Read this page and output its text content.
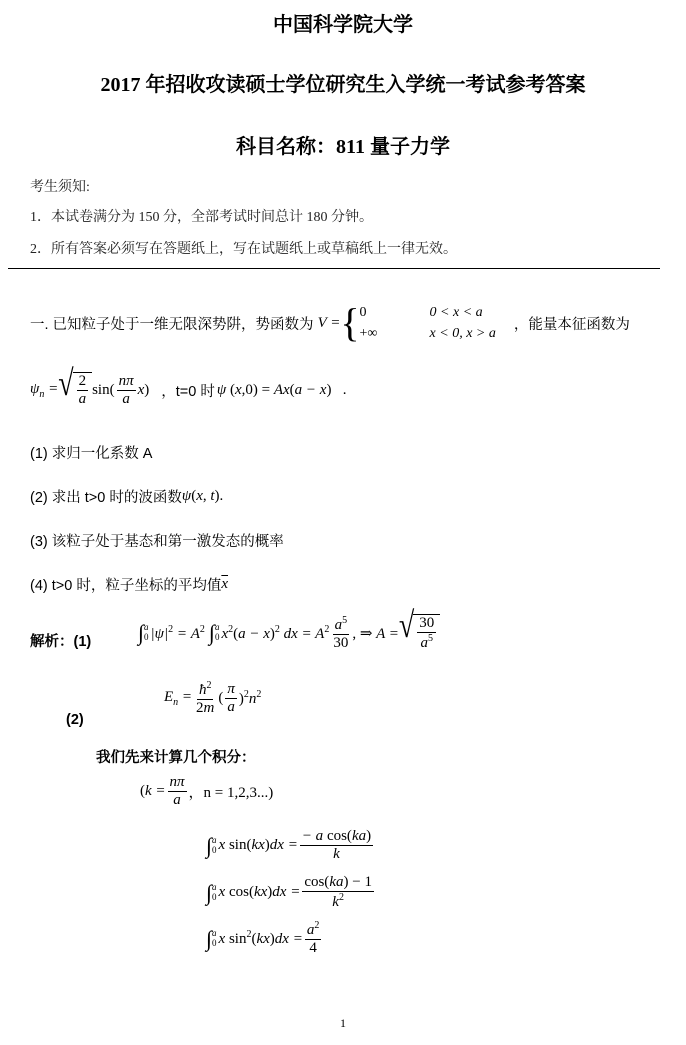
中国科学院大学
2017 年招收攻读硕士学位研究生入学统一考试参考答案
科目名称：811 量子力学
考生须知:
1．本试卷满分为 150 分，全部考试时间总计 180 分钟。
2．所有答案必须写在答题纸上，写在试题纸上或草稿纸上一律无效。
一. 已知粒子处于一维无限深势阱，势函数为 V = { 0	0 < x < a
+∞	x < 0, x > a
，能量本征函数为
$\psi_n$ = √ $\frac{2}{a} \sin( \frac{n\pi}{a} x)$ ，t=0 时 ψ (x,0) = Ax(a − x)   .
(1) 求归一化系数 A
(2) 求出 t>0 时的波函数 ψ(x, t).
(3) 该粒子处于基态和第一激发态的概率
(4) t>0 时，粒子坐标的平均值 $\overline{x}$
解析：(1) ∫ a
0 $|\psi|^2 = A^2$ ∫ a
0 $x^2(a - x)^2$ dx = $A^2 \frac{a^5}{30}$ , ⇒ A = √ $\frac{30}{a^5}$
$E_n = \frac{ħ^2}{2m}$ ( $\frac{\pi}{a} )^2n^2$
(2)
我们先来计算几个积分：
($k = \frac{n\pi}{a}$ ，n = 1,2,3...)
∫ a
0 x $\sin(kx)dx = \frac{\text{− a cos(ka)}}{k}$
∫ a
0 x $\cos(kx)dx = \frac{\cos(ka) - 1}{k^2}$
∫ a
0 x $\sin^2(kx)dx = \frac{a^2}{4}$
1
